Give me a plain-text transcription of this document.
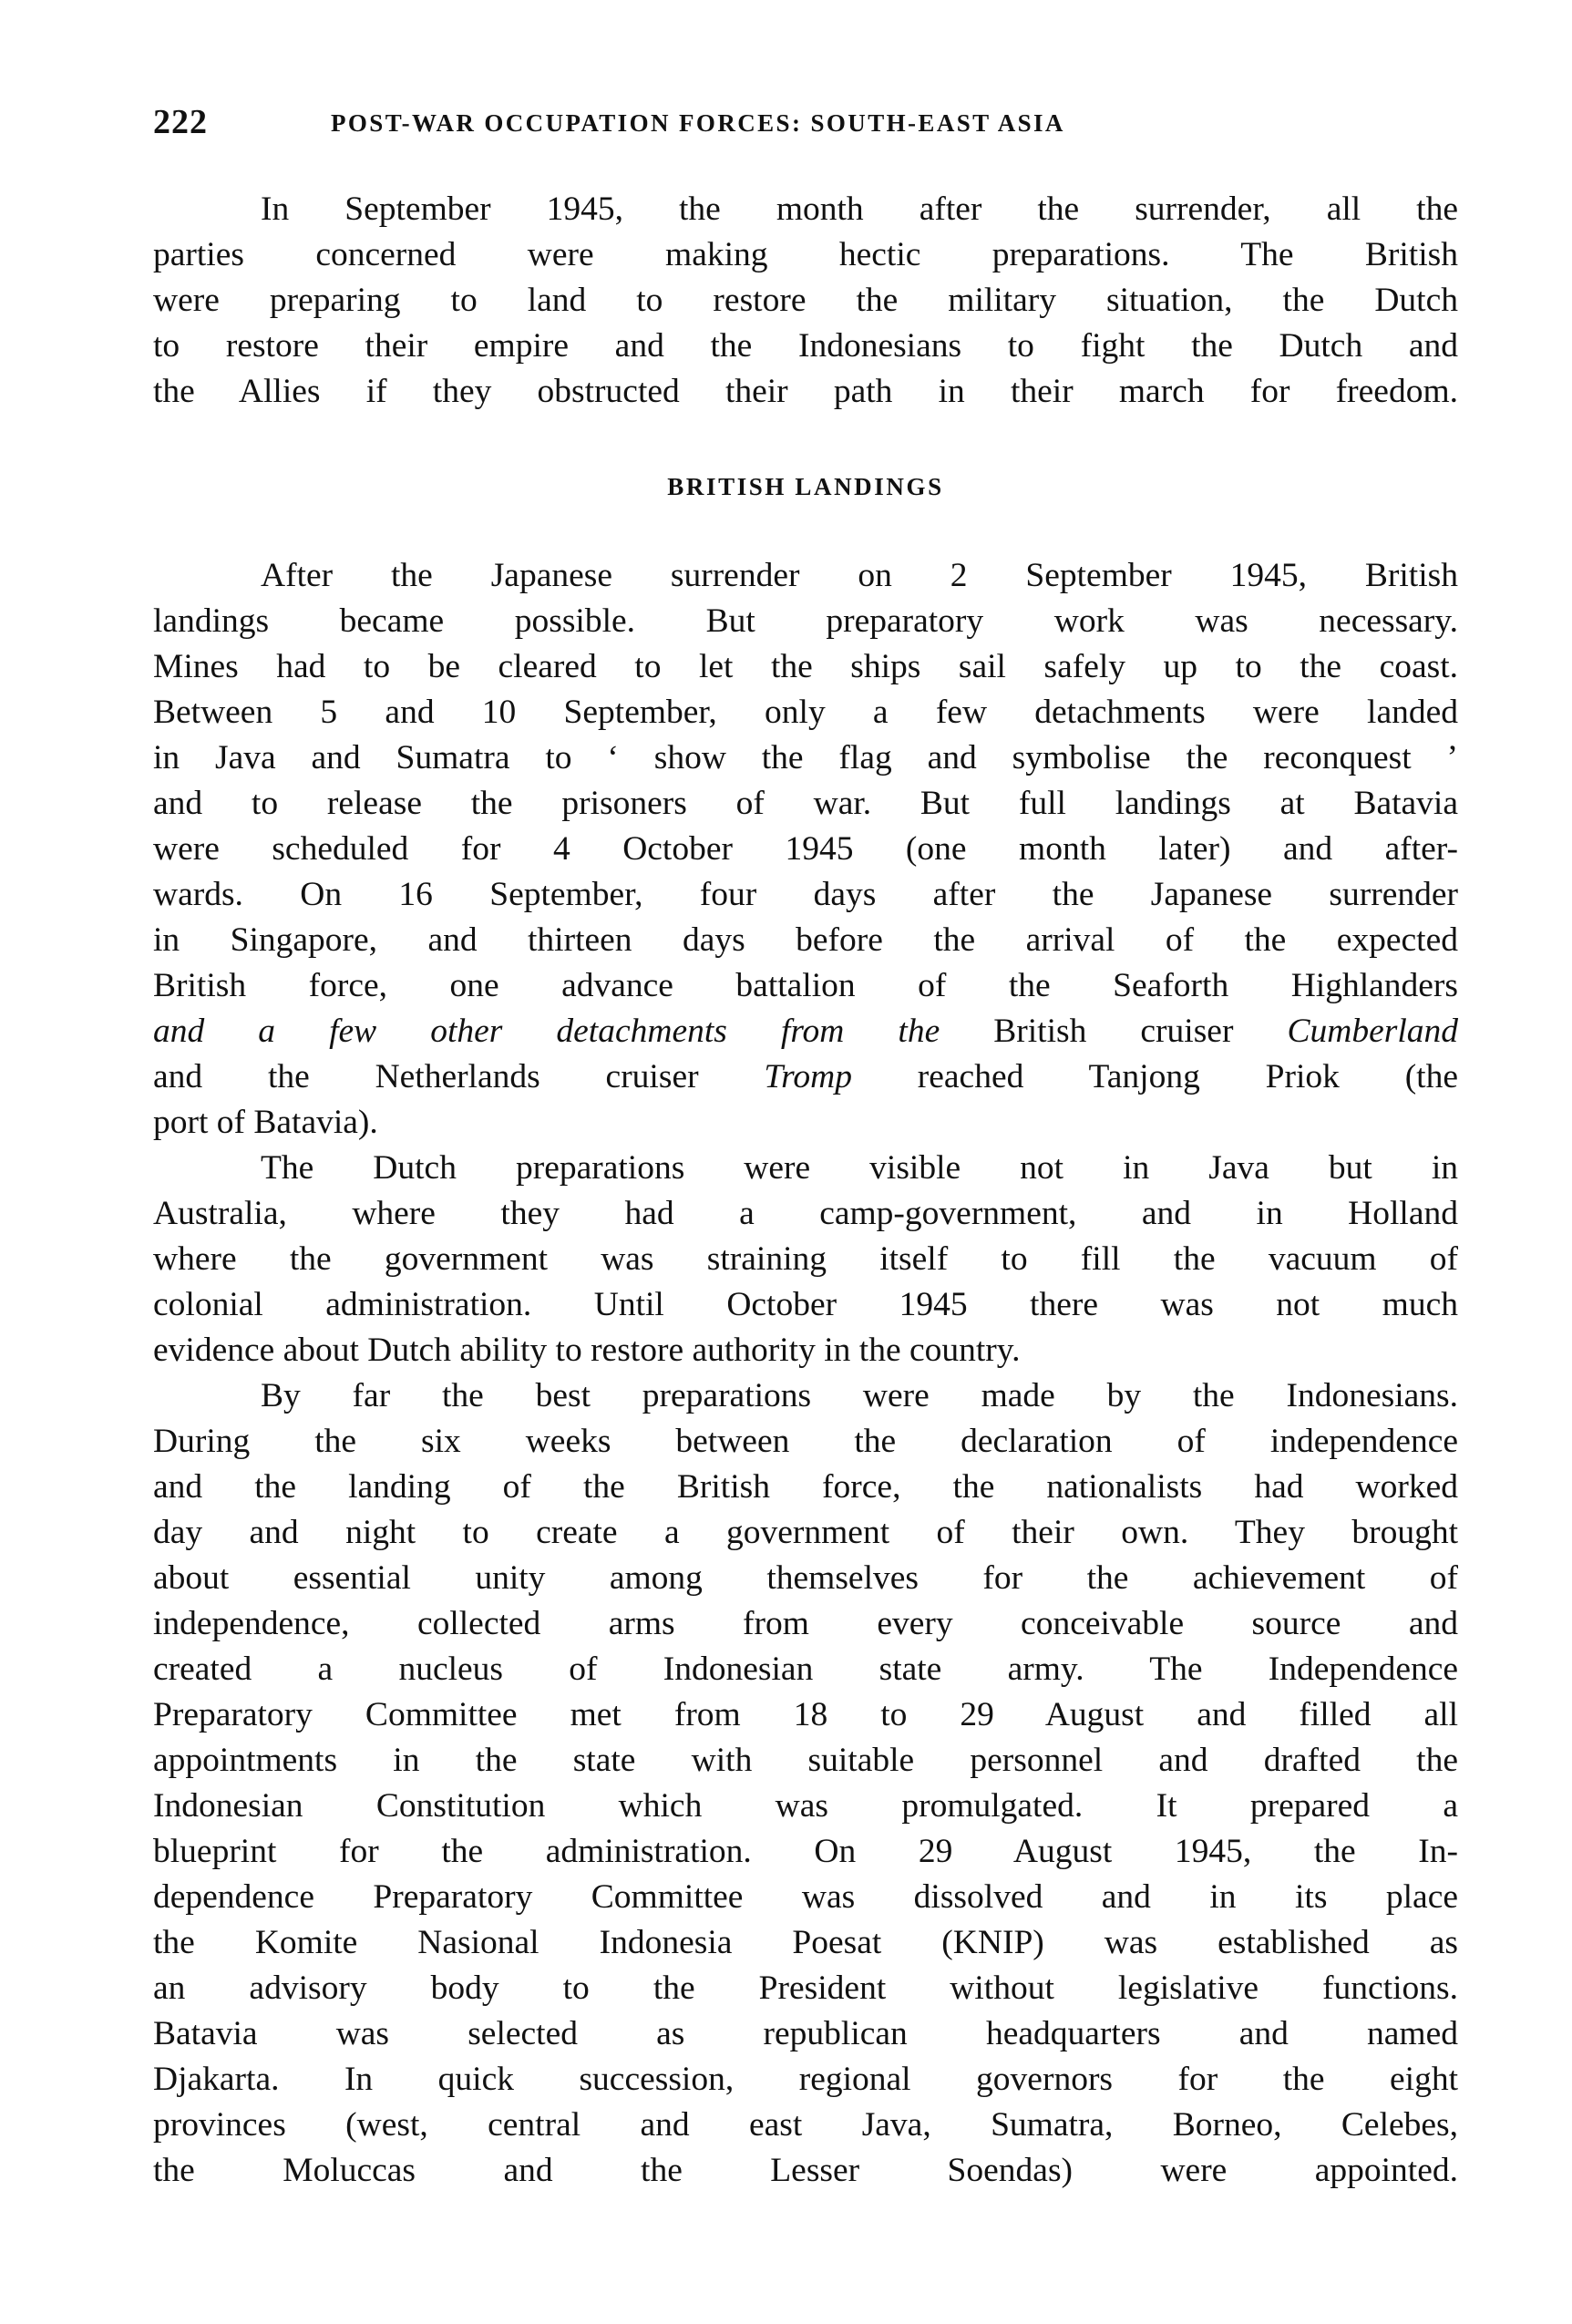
222	POST-WAR OCCUPATION FORCES: SOUTH-EAST ASIA
In September 1945, the month after the surrender, all the
parties concerned were making hectic preparations. The British
were preparing to land to restore the military situation, the Dutch
to restore their empire and the Indonesians to fight the Dutch and
the Allies if they obstructed their path in their march for freedom.
BRITISH LANDINGS
After the Japanese surrender on 2 September 1945, British
landings became possible. But preparatory work was necessary.
Mines had to be cleared to let the ships sail safely up to the coast.
Between 5 and 10 September, only a few detachments were landed
in Java and Sumatra to ‘ show the flag and symbolise the reconquest ’
and to release the prisoners of war. But full landings at Batavia
were scheduled for 4 October 1945 (one month later) and after-
wards. On 16 September, four days after the Japanese surrender
in Singapore, and thirteen days before the arrival of the expected
British force, one advance battalion of the Seaforth Highlanders
and a few other detachments from the British cruiser Cumberland
and the Netherlands cruiser Tromp reached Tanjong Priok (the
port of Batavia).
The Dutch preparations were visible not in Java but in
Australia, where they had a camp-government, and in Holland
where the government was straining itself to fill the vacuum of
colonial administration. Until October 1945 there was not much
evidence about Dutch ability to restore authority in the country.
By far the best preparations were made by the Indonesians.
During the six weeks between the declaration of independence
and the landing of the British force, the nationalists had worked
day and night to create a government of their own. They brought
about essential unity among themselves for the achievement of
independence, collected arms from every conceivable source and
created a nucleus of Indonesian state army. The Independence
Preparatory Committee met from 18 to 29 August and filled all
appointments in the state with suitable personnel and drafted the
Indonesian Constitution which was promulgated. It prepared a
blueprint for the administration. On 29 August 1945, the In-
dependence Preparatory Committee was dissolved and in its place
the Komite Nasional Indonesia Poesat (KNIP) was established as
an advisory body to the President without legislative functions.
Batavia was selected as republican headquarters and named
Djakarta. In quick succession, regional governors for the eight
provinces (west, central and east Java, Sumatra, Borneo, Celebes,
the Moluccas and the Lesser Soendas) were appointed.
